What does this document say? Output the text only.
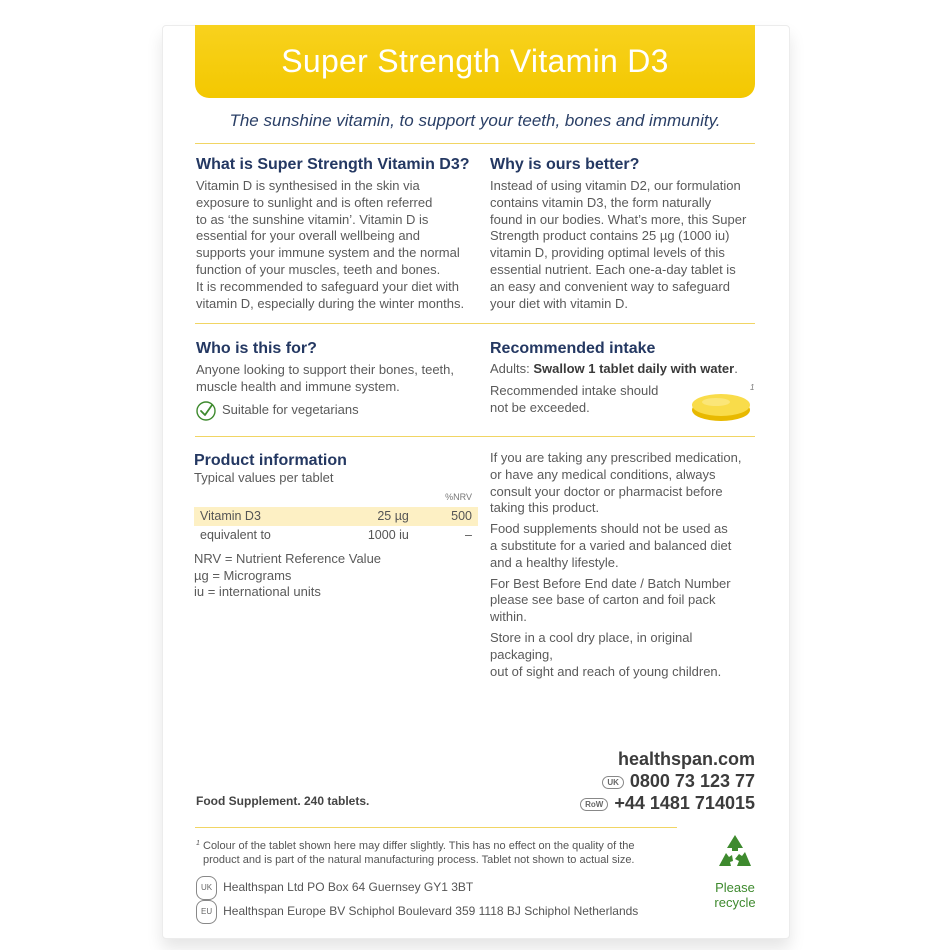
Super Strength Vitamin D3
The sunshine vitamin, to support your teeth, bones and immunity.
What is Super Strength Vitamin D3?

Vitamin D is synthesised in the skin via

exposure to sunlight and is often referred

to as ‘the sunshine vitamin’. Vitamin D is

essential for your overall wellbeing and

supports your immune system and the normal

function of your muscles, teeth and bones.

It is recommended to safeguard your diet with

vitamin D, especially during the winter months.

Why is ours better?

Instead of using vitamin D2, our formulation

contains vitamin D3, the form naturally

found in our bodies. What’s more, this Super

Strength product contains 25 µg (1000 iu)

vitamin D, providing optimal levels of this

essential nutrient. Each one-a-day tablet is

an easy and convenient way to safeguard

your diet with vitamin D.

Who is this for?

Anyone looking to support their bones, teeth,

muscle health and immune system.

Suitable for vegetarians
Recommended intake
Adults: Swallow 1 tablet daily with water.

Recommended intake should

not be exceeded.

1
Product information
Typical values per tablet
		%NRV
Vitamin D3	25 µg	500
equivalent to	1000 iu	–

NRV = Nutrient Reference Value

µg = Micrograms

iu = international units

If you are taking any prescribed medication,

or have any medical conditions, always

consult your doctor or pharmacist before

taking this product.

Food supplements should not be used as

a substitute for a varied and balanced diet

and a healthy lifestyle.

For Best Before End date / Batch Number

please see base of carton and foil pack within.

Store in a cool dry place, in original packaging,

out of sight and reach of young children.

healthspan.com
UK 0800 73 123 77
RoW +44 1481 714015
Food Supplement. 240 tablets.
1 Colour of the tablet shown here may differ slightly. This has no effect on the quality of the

product and is part of the natural manufacturing process. Tablet not shown to actual size.

UK Healthspan Ltd PO Box 64 Guernsey GY1 3BT
EU Healthspan Europe BV Schiphol Boulevard 359 1118 BJ Schiphol Netherlands
Please
recycle
